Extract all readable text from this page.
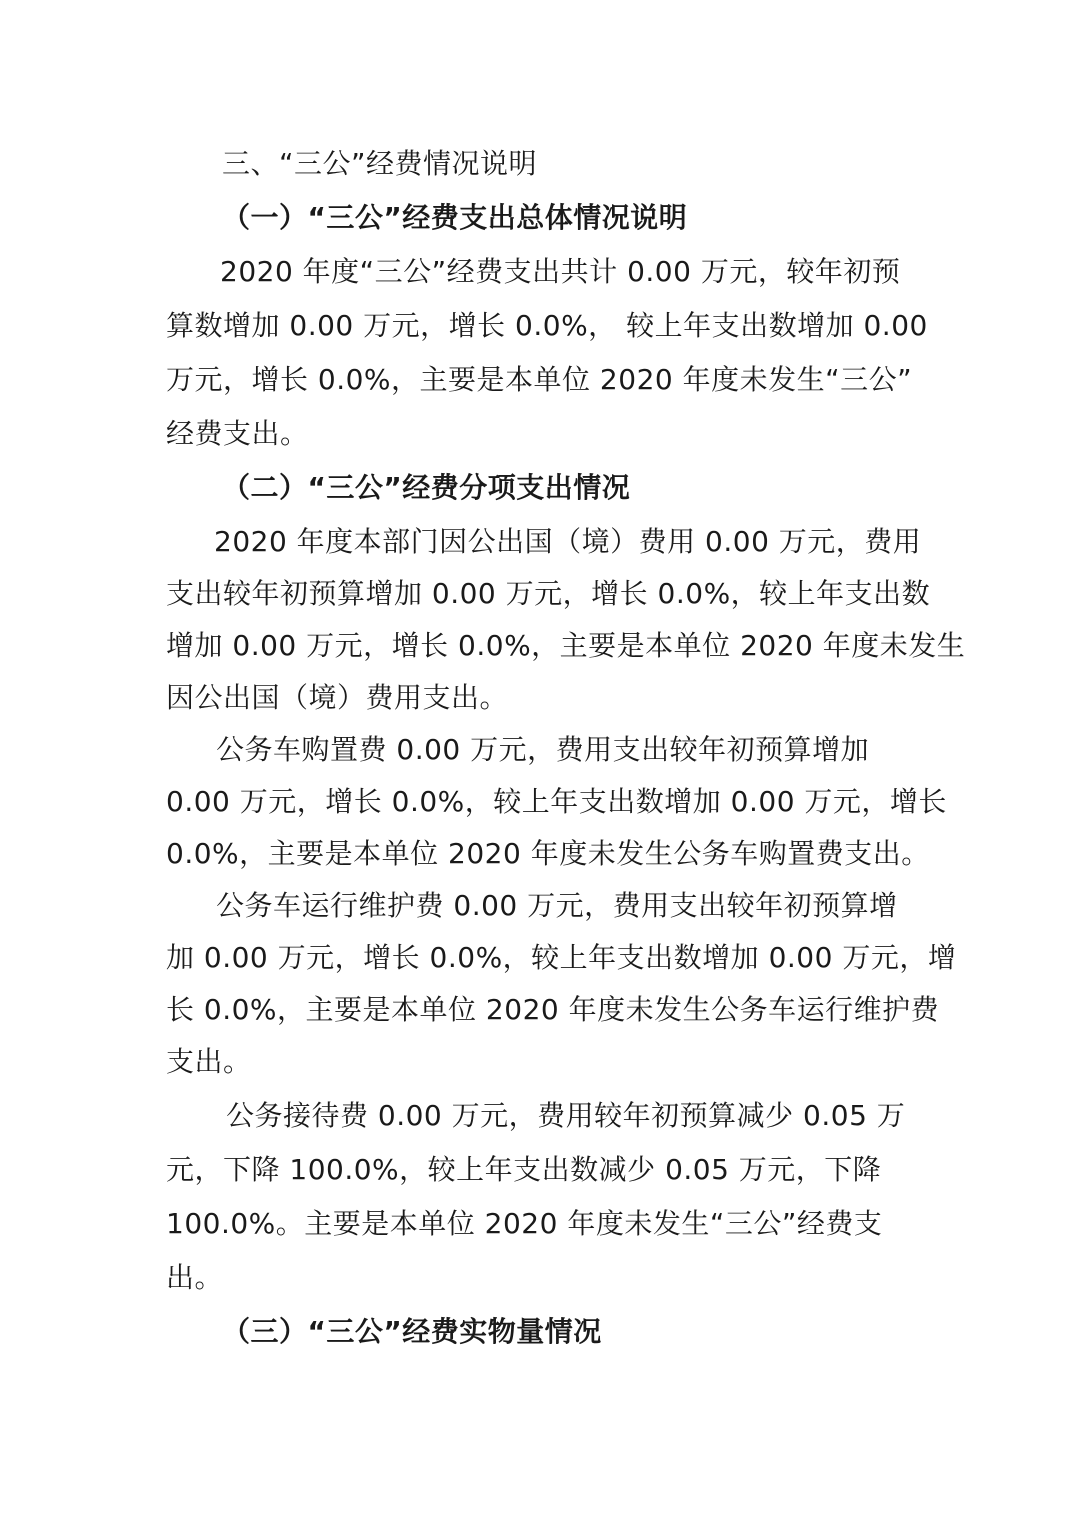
三、“三公”经费情况说明
（一）“三公”经费支出总体情况说明
2020 年度“三公”经费支出共计 0.00 万元，较年初预
算数增加 0.00 万元，增长 0.0%， 较上年支出数增加 0.00
万元，增长 0.0%，主要是本单位 2020 年度未发生“三公”
经费支出。
（二）“三公”经费分项支出情况
2020 年度本部门因公出国（境）费用 0.00 万元，费用
支出较年初预算增加 0.00 万元，增长 0.0%，较上年支出数
增加 0.00 万元，增长 0.0%，主要是本单位 2020 年度未发生
因公出国（境）费用支出。
公务车购置费 0.00 万元，费用支出较年初预算增加
0.00 万元，增长 0.0%，较上年支出数增加 0.00 万元，增长
0.0%，主要是本单位 2020 年度未发生公务车购置费支出。
公务车运行维护费 0.00 万元，费用支出较年初预算增
加 0.00 万元，增长 0.0%，较上年支出数增加 0.00 万元，增
长 0.0%，主要是本单位 2020 年度未发生公务车运行维护费
支出。
公务接待费 0.00 万元，费用较年初预算减少 0.05 万
元，下降 100.0%，较上年支出数减少 0.05 万元，下降
100.0%。主要是本单位 2020 年度未发生“三公”经费支
出。
（三）“三公”经费实物量情况
